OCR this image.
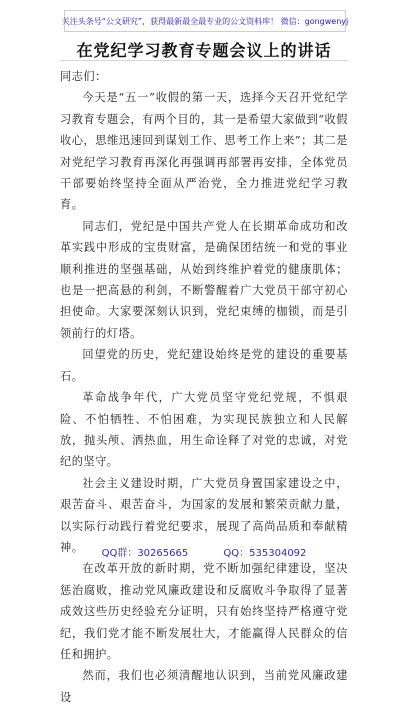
关注头条号“公文研究”，获得最新最全最专业的公文资料库！ 微信：gongwenyj
在党纪学习教育专题会议上的讲话

同志们：

今天是“五一”收假的第一天，选择今天召开党纪学习教育专题会，有两个目的，其一是希望大家做到“收假收心，思维迅速回到谋划工作、思考工作上来”；其二是对党纪学习教育再深化再强调再部署再安排，全体党员干部要始终坚持全面从严治党，全力推进党纪学习教育。

同志们，党纪是中国共产党人在长期革命成功和改革实践中形成的宝贵财富，是确保团结统一和党的事业顺利推进的坚强基础，从始到终维护着党的健康肌体；也是一把高悬的利剑，不断警醒着广大党员干部守初心担使命。大家要深刻认识到，党纪束缚的枷锁，而是引领前行的灯塔。

回望党的历史，党纪建设始终是党的建设的重要基石。

革命战争年代，广大党员坚守党纪党规，不惧艰险、不怕牺牲、不怕困难，为实现民族独立和人民解放，抛头颅、洒热血，用生命诠释了对党的忠诚，对党纪的坚守。

社会主义建设时期，广大党员身置国家建设之中，艰苦奋斗、艰苦奋斗，为国家的发展和繁荣贡献力量，以实际行动践行着党纪要求，展现了高尚品质和奉献精神。

在改革开放的新时期，党不断加强纪律建设，坚决惩治腐败，推动党风廉政建设和反腐败斗争取得了显著成效这些历史经验充分证明，只有始终坚持严格遵守党纪，我们党才能不断发展壮大，才能赢得人民群众的信任和拥护。

然而，我们也必须清醒地认识到，当前党风廉政建设

QQ群：30265665	QQ：535304092
